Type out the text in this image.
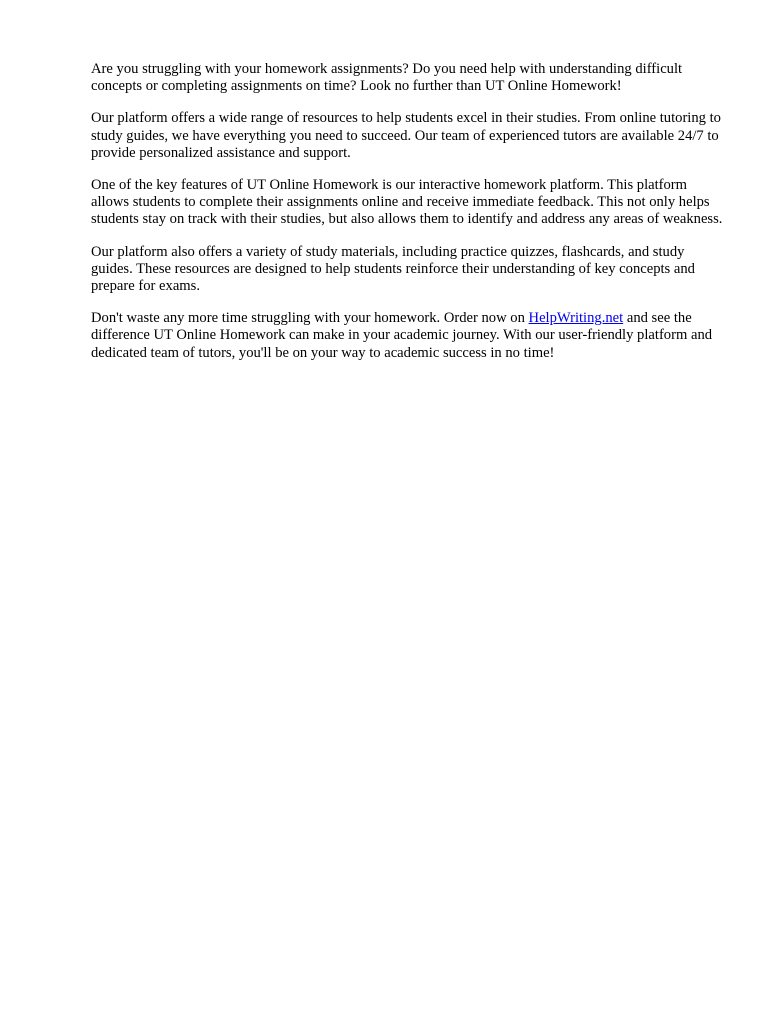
Are you struggling with your homework assignments? Do you need help with understanding difficult concepts or completing assignments on time? Look no further than UT Online Homework!

Our platform offers a wide range of resources to help students excel in their studies. From online tutoring to study guides, we have everything you need to succeed. Our team of experienced tutors are available 24/7 to provide personalized assistance and support.

One of the key features of UT Online Homework is our interactive homework platform. This platform allows students to complete their assignments online and receive immediate feedback. This not only helps students stay on track with their studies, but also allows them to identify and address any areas of weakness.

Our platform also offers a variety of study materials, including practice quizzes, flashcards, and study guides. These resources are designed to help students reinforce their understanding of key concepts and prepare for exams.

Don't waste any more time struggling with your homework. Order now on HelpWriting.net and see the difference UT Online Homework can make in your academic journey. With our user-friendly platform and dedicated team of tutors, you'll be on your way to academic success in no time!
